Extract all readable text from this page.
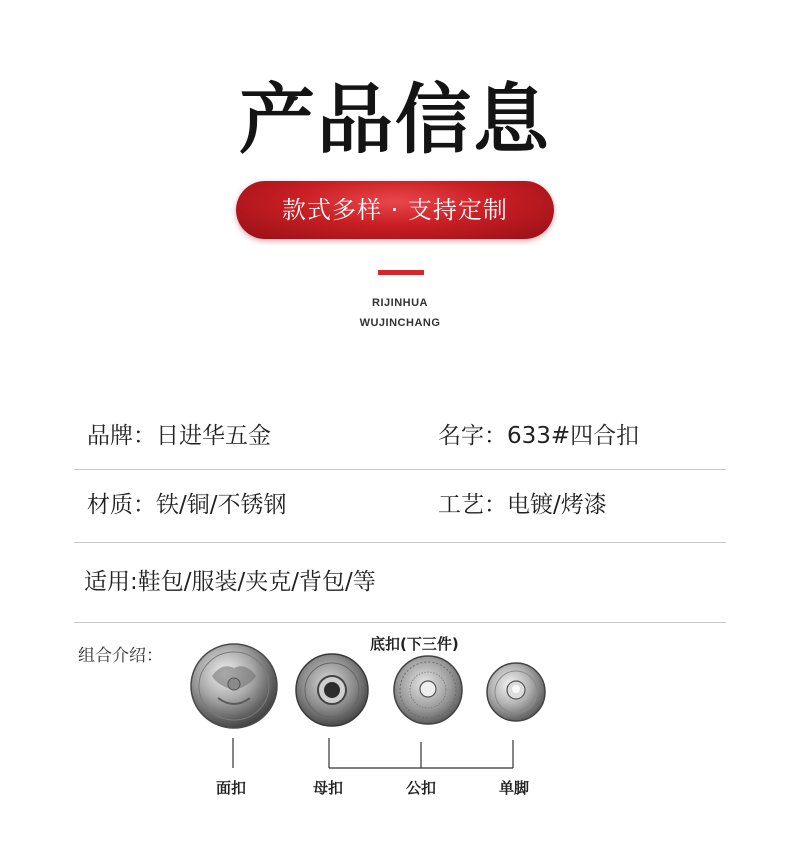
产品信息
款式多样 · 支持定制
RIJINHUA
WUJINCHANG
品牌：日进华五金	名字：633#四合扣
材质：铁/铜/不锈钢	工艺：电镀/烤漆
适用:鞋包/服装/夹克/背包/等
组合介绍：
底扣(下三件)
面扣	母扣	公扣	单脚
